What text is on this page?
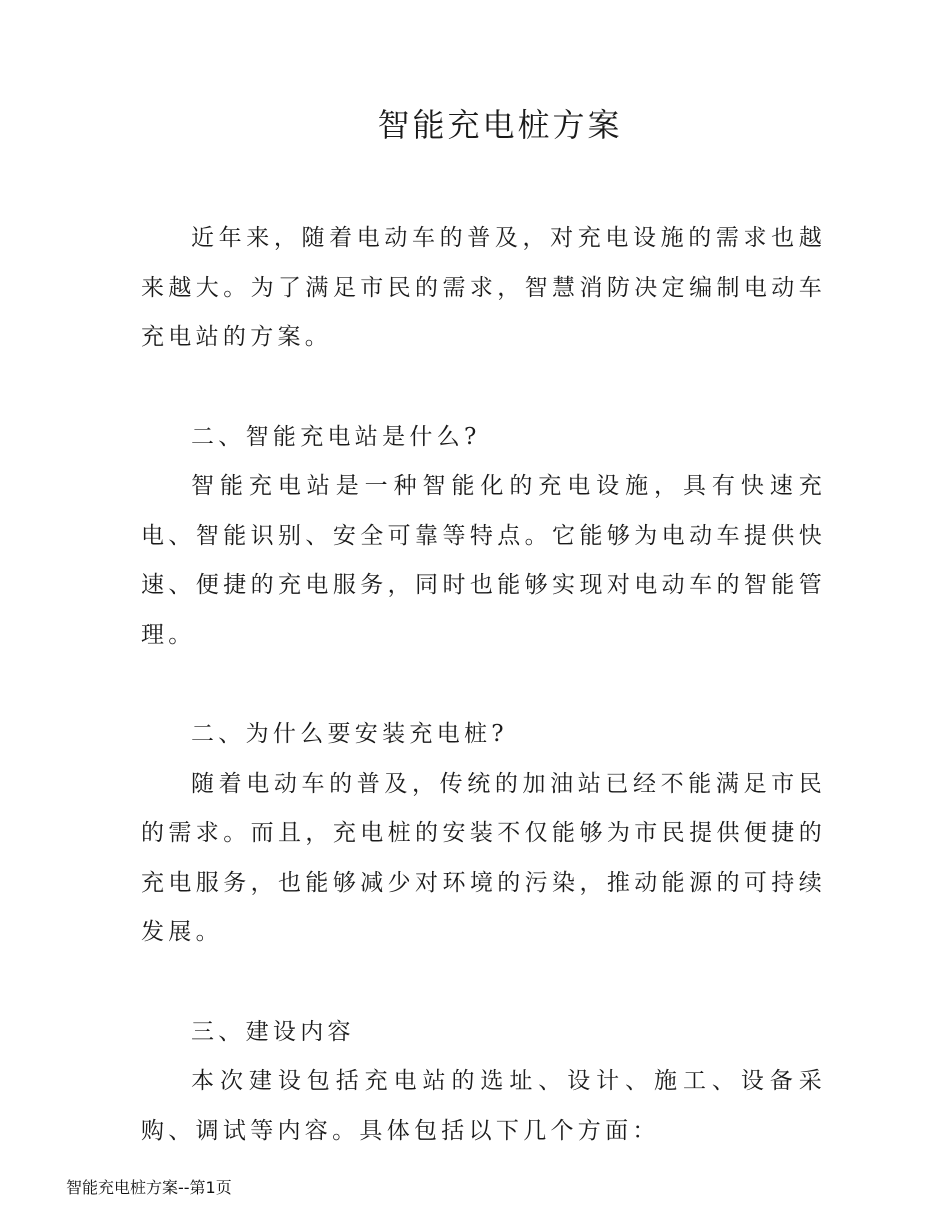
智能充电桩方案

近年来，随着电动车的普及，对充电设施的需求也越来越大。为了满足市民的需求，智慧消防决定编制电动车充电站的方案。

二、智能充电站是什么?

智能充电站是一种智能化的充电设施，具有快速充电、智能识别、安全可靠等特点。它能够为电动车提供快速、便捷的充电服务，同时也能够实现对电动车的智能管理。

二、为什么要安装充电桩?

随着电动车的普及，传统的加油站已经不能满足市民的需求。而且，充电桩的安装不仅能够为市民提供便捷的充电服务，也能够减少对环境的污染，推动能源的可持续发展。

三、建设内容

本次建设包括充电站的选址、设计、施工、设备采购、调试等内容。具体包括以下几个方面：

智能充电桩方案--第1页
